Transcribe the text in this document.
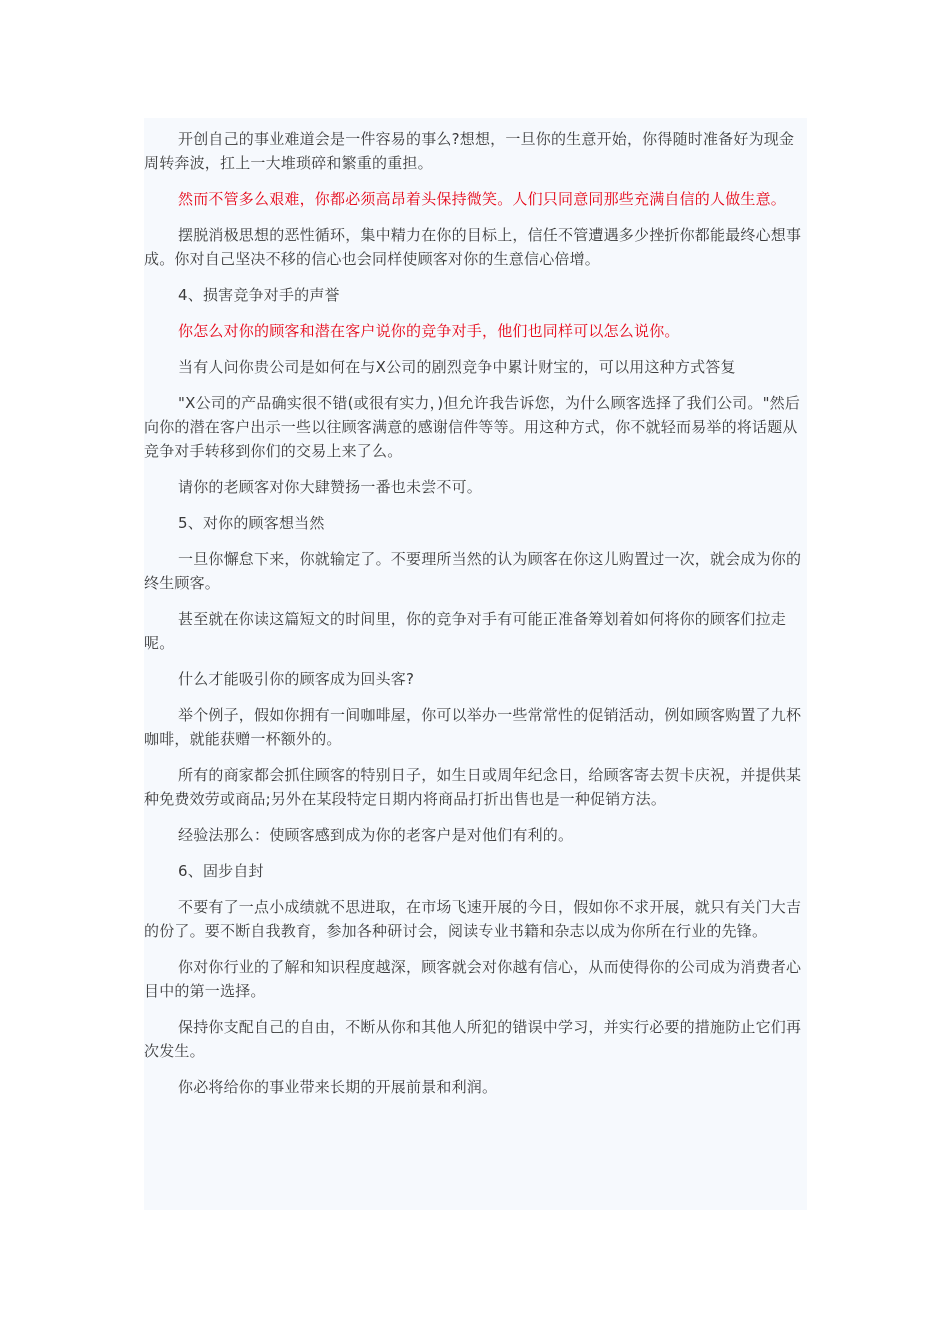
开创自己的事业难道会是一件容易的事么?想想，一旦你的生意开始，你得随时准备好为现金周转奔波，扛上一大堆琐碎和繁重的重担。

然而不管多么艰难，你都必须高昂着头保持微笑。人们只同意同那些充满自信的人做生意。

摆脱消极思想的恶性循环，集中精力在你的目标上，信任不管遭遇多少挫折你都能最终心想事成。你对自己坚决不移的信心也会同样使顾客对你的生意信心倍增。

4、损害竞争对手的声誉

你怎么对你的顾客和潜在客户说你的竞争对手，他们也同样可以怎么说你。

当有人问你贵公司是如何在与X公司的剧烈竞争中累计财宝的，可以用这种方式答复

"X公司的产品确实很不错(或很有实力，)但允许我告诉您，为什么顾客选择了我们公司。"然后向你的潜在客户出示一些以往顾客满意的感谢信件等等。用这种方式，你不就轻而易举的将话题从竞争对手转移到你们的交易上来了么。

请你的老顾客对你大肆赞扬一番也未尝不可。

5、对你的顾客想当然

一旦你懈怠下来，你就输定了。不要理所当然的认为顾客在你这儿购置过一次，就会成为你的终生顾客。

甚至就在你读这篇短文的时间里，你的竞争对手有可能正准备筹划着如何将你的顾客们拉走呢。

什么才能吸引你的顾客成为回头客?

举个例子，假如你拥有一间咖啡屋，你可以举办一些常常性的促销活动，例如顾客购置了九杯咖啡，就能获赠一杯额外的。

所有的商家都会抓住顾客的特别日子，如生日或周年纪念日，给顾客寄去贺卡庆祝，并提供某种免费效劳或商品;另外在某段特定日期内将商品打折出售也是一种促销方法。

经验法那么：使顾客感到成为你的老客户是对他们有利的。

6、固步自封

不要有了一点小成绩就不思进取，在市场飞速开展的今日，假如你不求开展，就只有关门大吉的份了。要不断自我教育，参加各种研讨会，阅读专业书籍和杂志以成为你所在行业的先锋。

你对你行业的了解和知识程度越深，顾客就会对你越有信心，从而使得你的公司成为消费者心目中的第一选择。

保持你支配自己的自由，不断从你和其他人所犯的错误中学习，并实行必要的措施防止它们再次发生。

你必将给你的事业带来长期的开展前景和利润。
